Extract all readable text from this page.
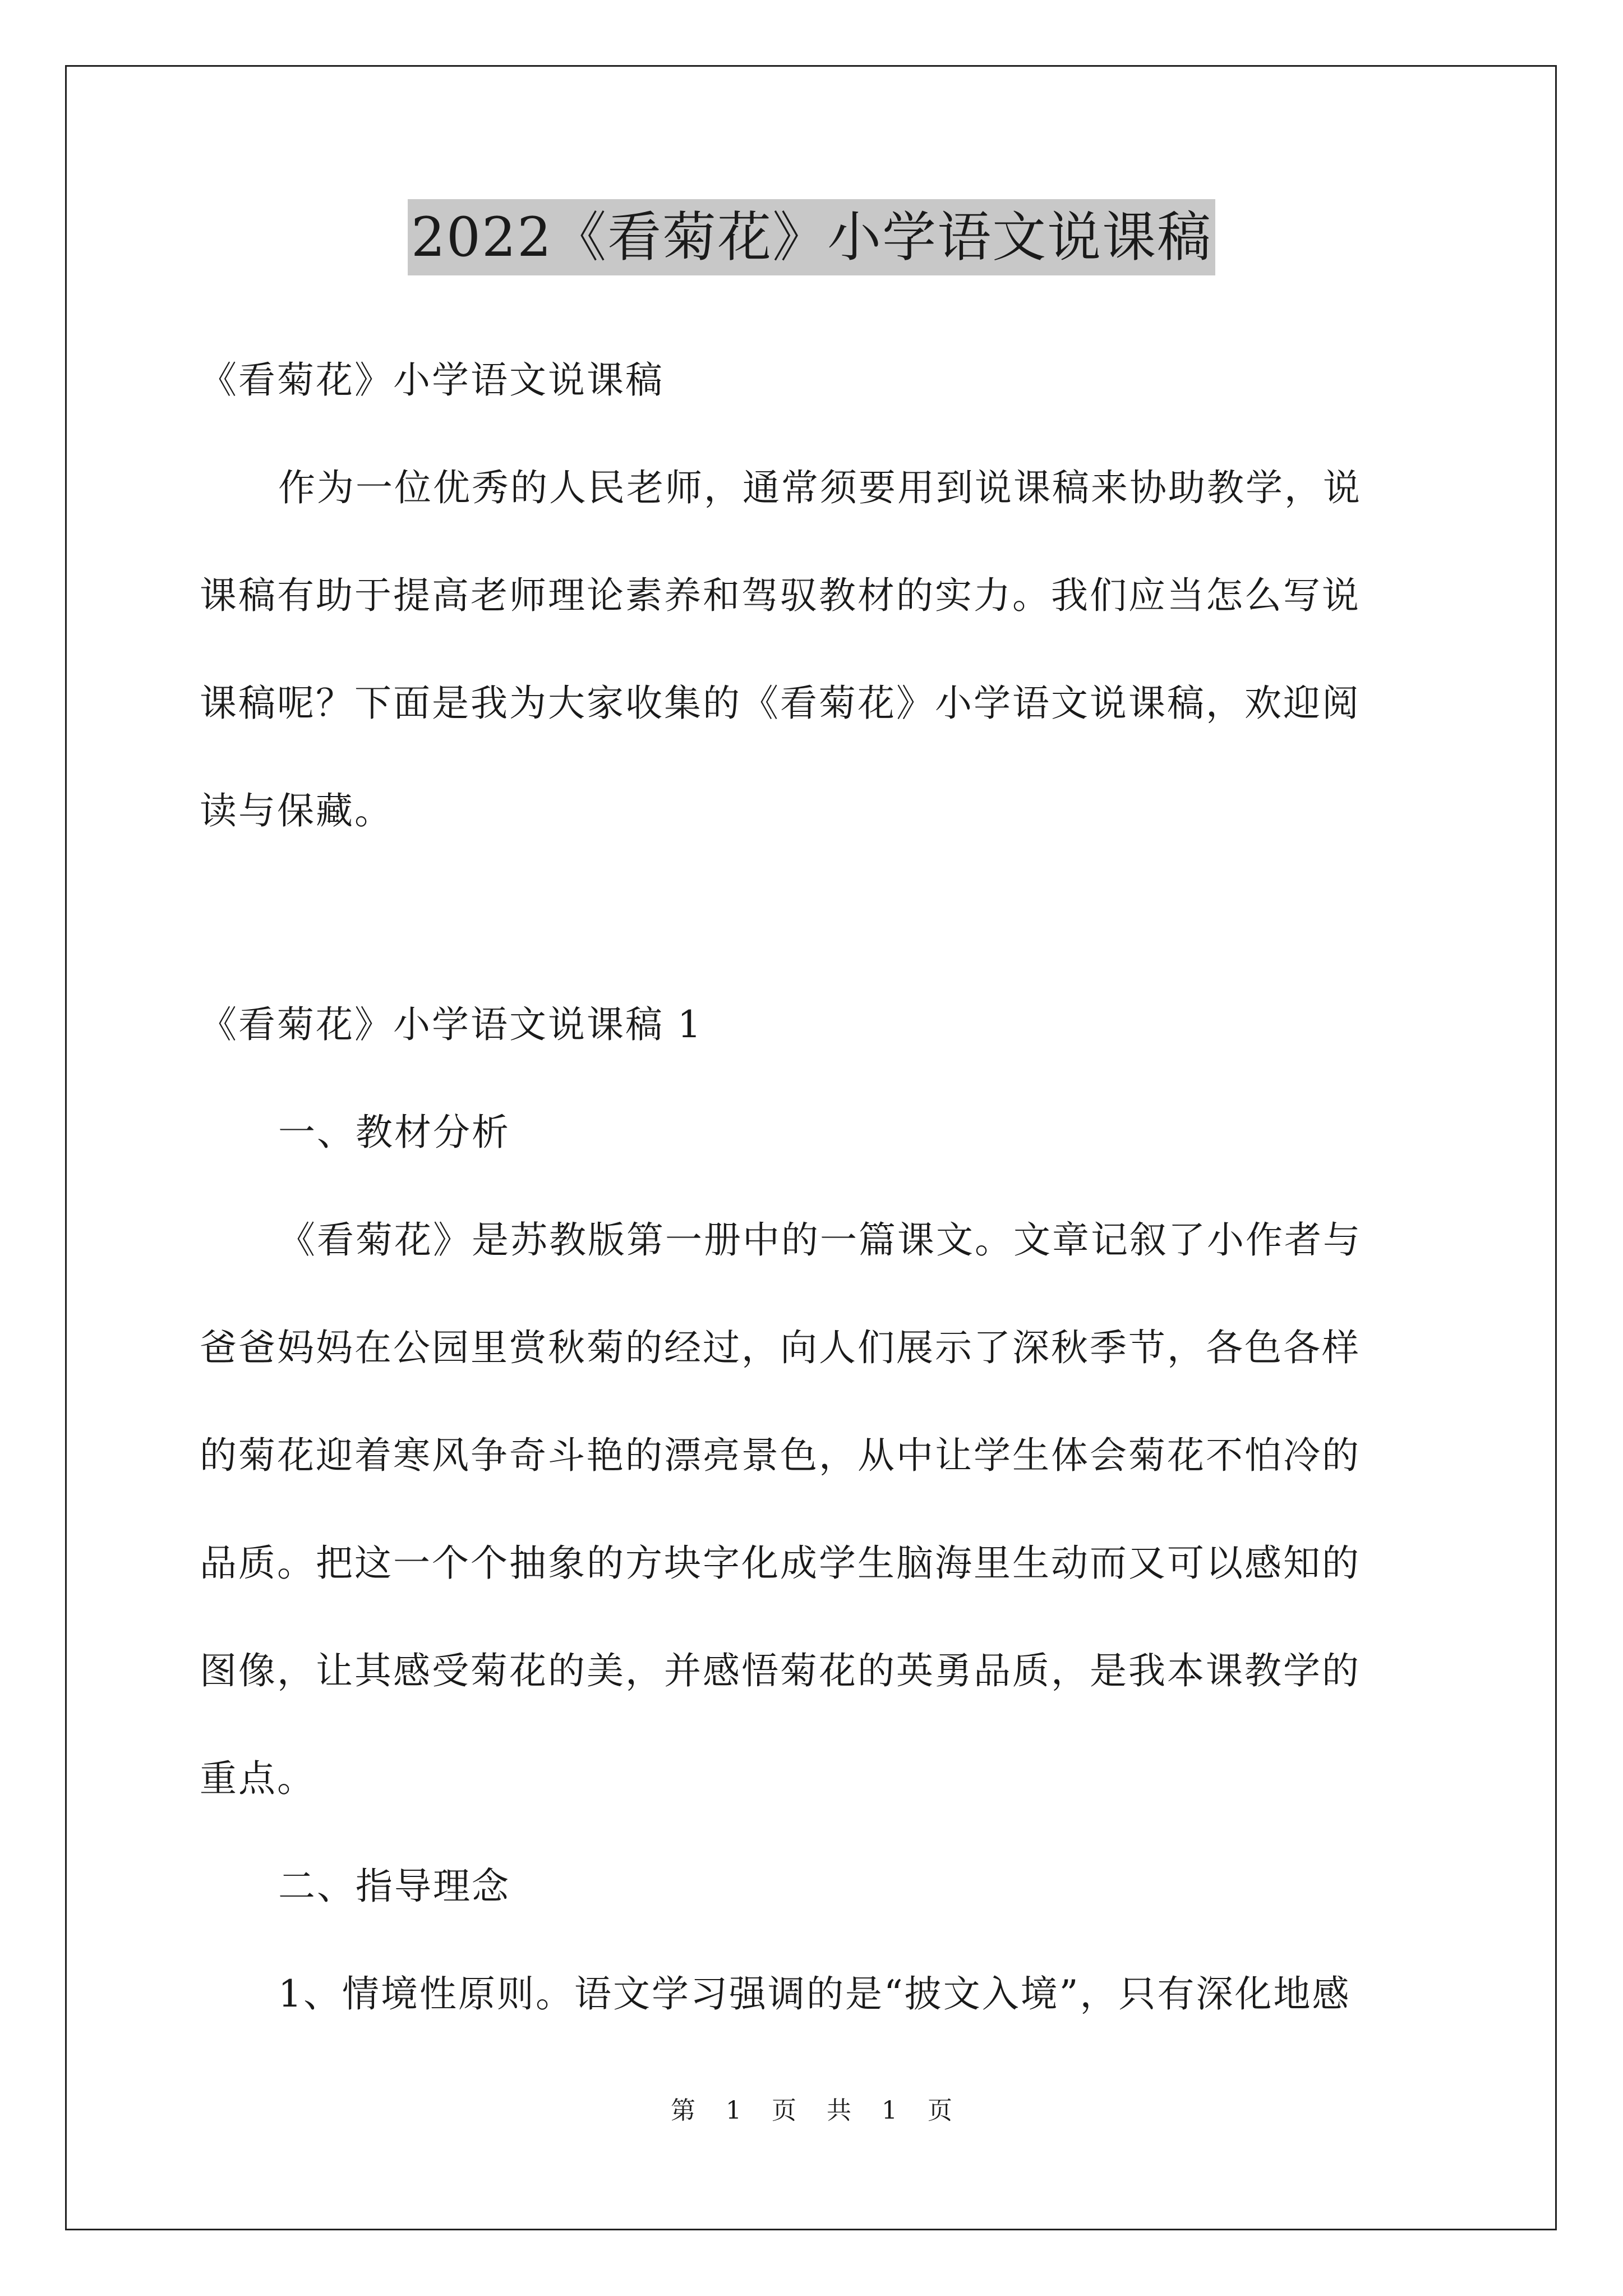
2022《看菊花》小学语文说课稿
《看菊花》小学语文说课稿
作为一位优秀的人民老师，通常须要用到说课稿来协助教学，说
课稿有助于提高老师理论素养和驾驭教材的实力。我们应当怎么写说
课稿呢？下面是我为大家收集的《看菊花》小学语文说课稿，欢迎阅
读与保藏。
《看菊花》小学语文说课稿 1
一、教材分析
《看菊花》是苏教版第一册中的一篇课文。文章记叙了小作者与
爸爸妈妈在公园里赏秋菊的经过，向人们展示了深秋季节，各色各样
的菊花迎着寒风争奇斗艳的漂亮景色，从中让学生体会菊花不怕冷的
品质。把这一个个抽象的方块字化成学生脑海里生动而又可以感知的
图像，让其感受菊花的美，并感悟菊花的英勇品质，是我本课教学的
重点。
二、指导理念
1、情境性原则。语文学习强调的是“披文入境”，只有深化地感
第 1 页 共 1 页
